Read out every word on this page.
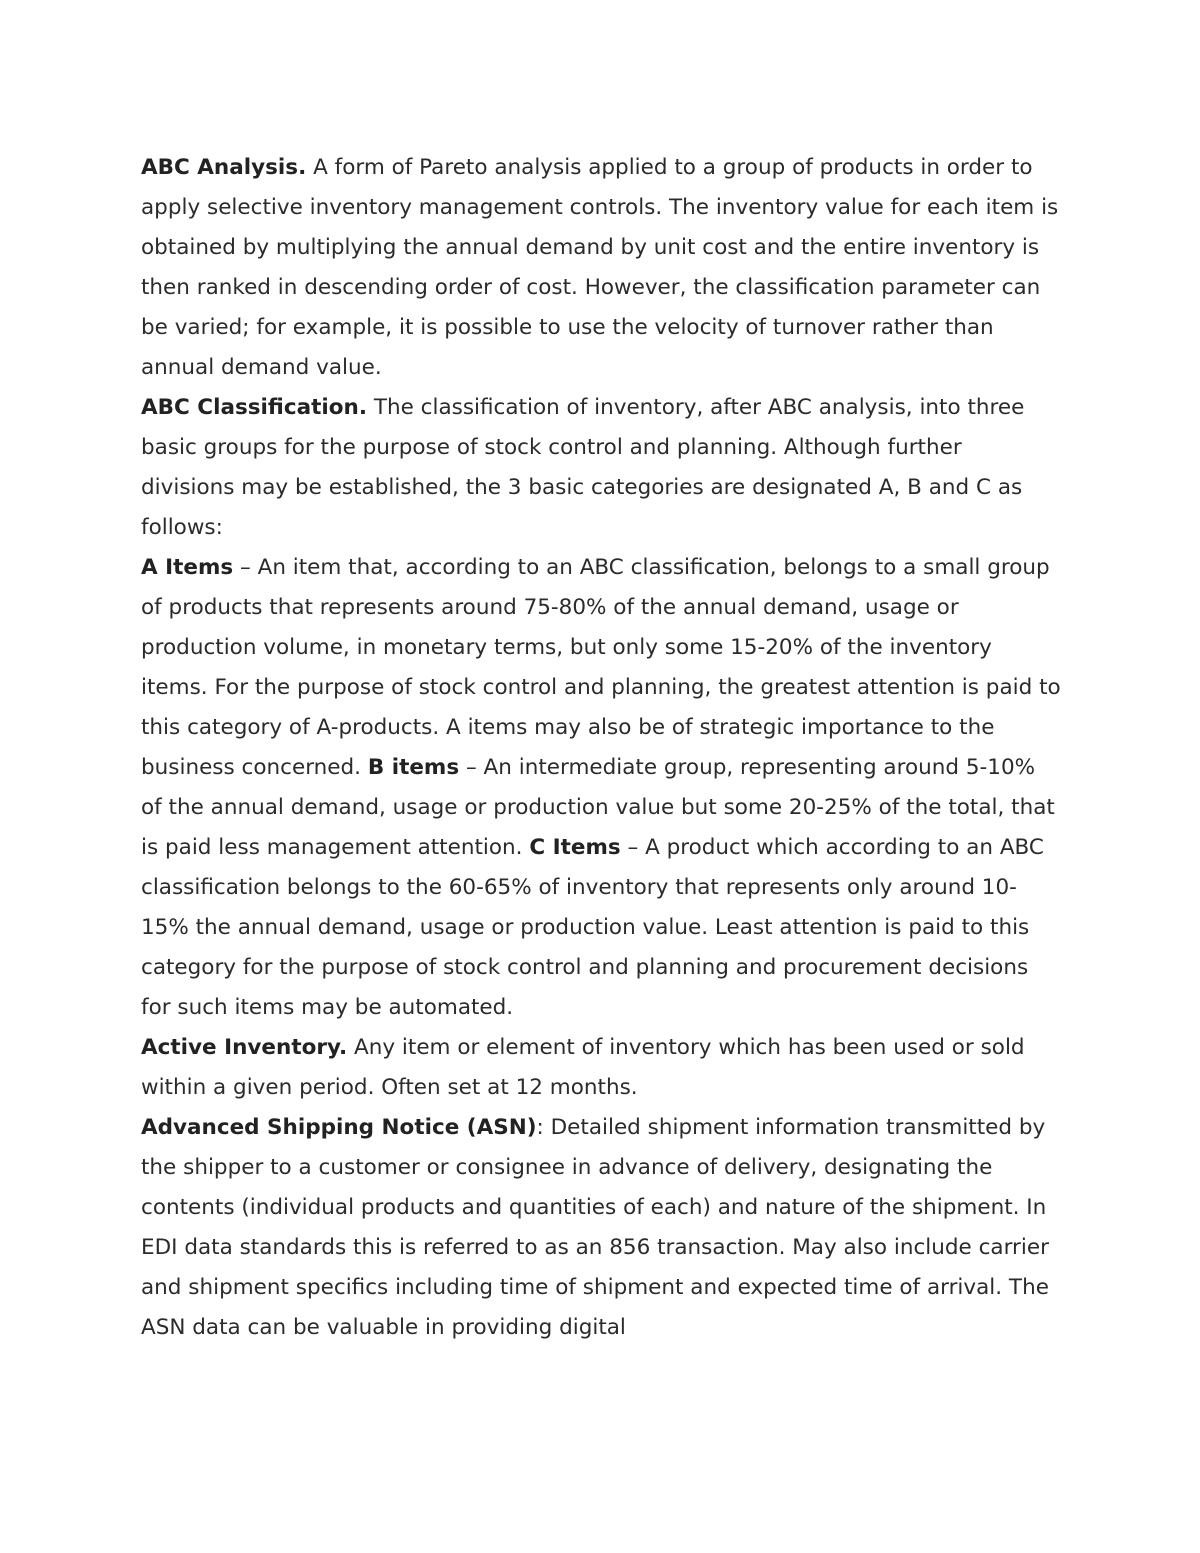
ABC Analysis. A form of Pareto analysis applied to a group of products in order to apply selective inventory management controls. The inventory value for each item is obtained by multiplying the annual demand by unit cost and the entire inventory is then ranked in descending order of cost. However, the classification parameter can be varied; for example, it is possible to use the velocity of turnover rather than annual demand value.

ABC Classification. The classification of inventory, after ABC analysis, into three basic groups for the purpose of stock control and planning. Although further divisions may be established, the 3 basic categories are designated A, B and C as follows:

A Items – An item that, according to an ABC classification, belongs to a small group of products that represents around 75-80% of the annual demand, usage or production volume, in monetary terms, but only some 15-20% of the inventory items. For the purpose of stock control and planning, the greatest attention is paid to this category of A-products. A items may also be of strategic importance to the business concerned. B items – An intermediate group, representing around 5-10% of the annual demand, usage or production value but some 20-25% of the total, that is paid less management attention. C Items – A product which according to an ABC classification belongs to the 60-65% of inventory that represents only around 10-15% the annual demand, usage or production value. Least attention is paid to this category for the purpose of stock control and planning and procurement decisions for such items may be automated.

Active Inventory. Any item or element of inventory which has been used or sold within a given period. Often set at 12 months.

Advanced Shipping Notice (ASN): Detailed shipment information transmitted by the shipper to a customer or consignee in advance of delivery, designating the contents (individual products and quantities of each) and nature of the shipment. In EDI data standards this is referred to as an 856 transaction. May also include carrier and shipment specifics including time of shipment and expected time of arrival. The ASN data can be valuable in providing digital
